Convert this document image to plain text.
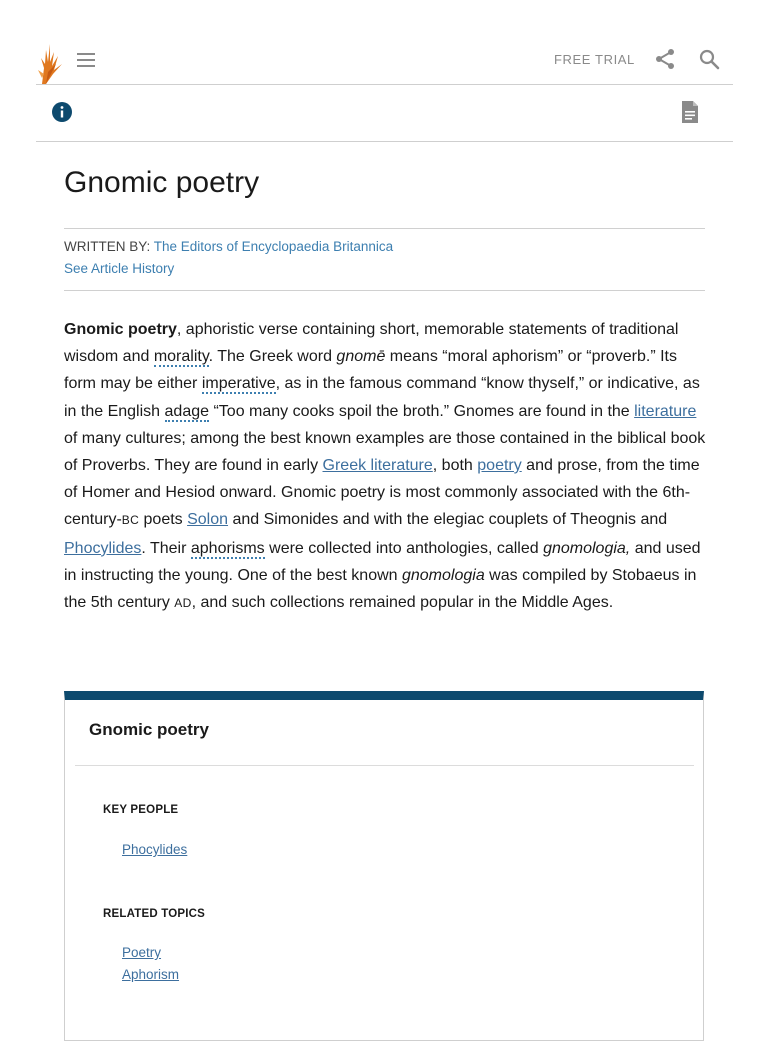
FREE TRIAL
Gnomic poetry
WRITTEN BY: The Editors of Encyclopaedia Britannica
See Article History

Gnomic poetry, aphoristic verse containing short, memorable statements of traditional wisdom and morality. The Greek word gnomē means “moral aphorism” or “proverb.” Its form may be either imperative, as in the famous command “know thyself,” or indicative, as in the English adage “Too many cooks spoil the broth.” Gnomes are found in the literature of many cultures; among the best known examples are those contained in the biblical book of Proverbs. They are found in early Greek literature, both poetry and prose, from the time of Homer and Hesiod onward. Gnomic poetry is most commonly associated with the 6th-century-BC poets Solon and Simonides and with the elegiac couplets of Theognis and Phocylides. Their aphorisms were collected into anthologies, called gnomologia, and used in instructing the young. One of the best known gnomologia was compiled by Stobaeus in the 5th century AD, and such collections remained popular in the Middle Ages.

Gnomic poetry
KEY PEOPLE
Phocylides
RELATED TOPICS
Poetry
Aphorism
